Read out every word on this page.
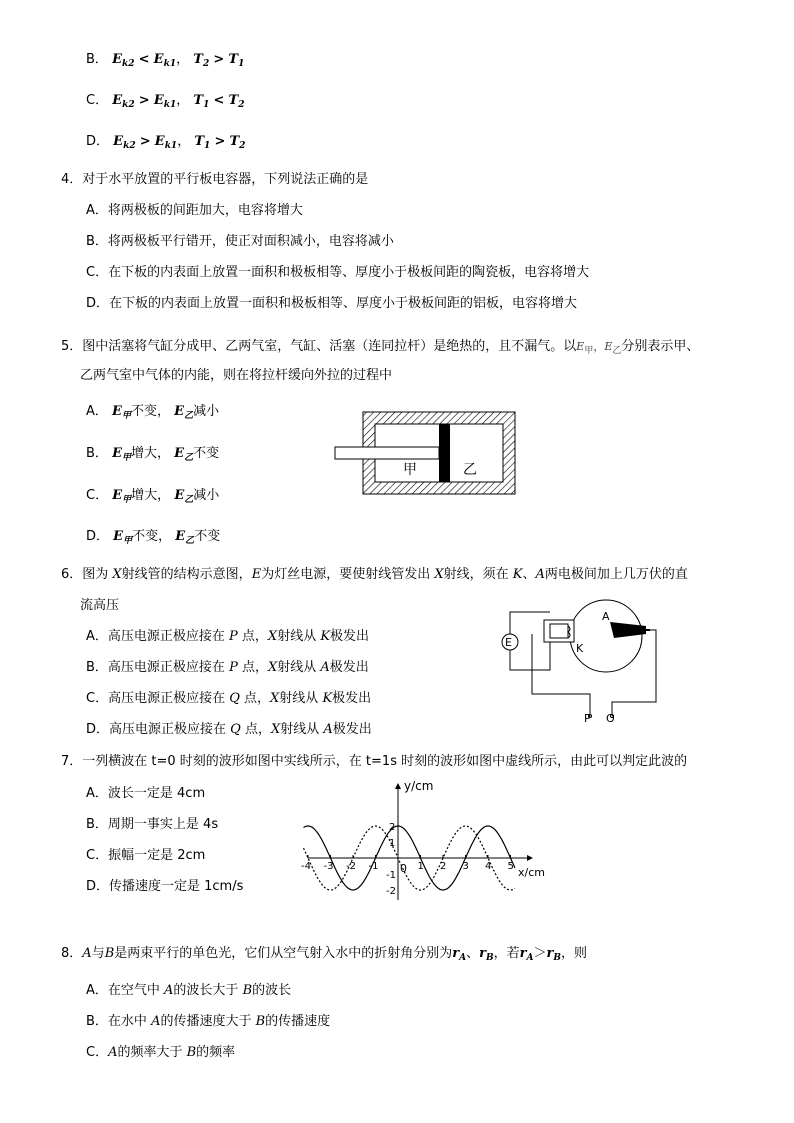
B． $E_{k2} < E_{k1}$， $T_2 > T_1$
C． $E_{k2} > E_{k1}$， $T_1 < T_2$
D． $E_{k2} > E_{k1}$， $T_1 > T_2$
4．对于水平放置的平行板电容器，下列说法正确的是
A．将两极板的间距加大，电容将增大
B．将两极板平行错开，使正对面积减小，电容将减小
C．在下板的内表面上放置一面积和极板相等、厚度小于极板间距的陶瓷板，电容将增大
D．在下板的内表面上放置一面积和极板相等、厚度小于极板间距的铝板，电容将增大
5．图中活塞将气缸分成甲、乙两气室，气缸、活塞（连同拉杆）是绝热的，且不漏气。以$E_甲$，$E_乙$分别表示甲、
乙两气室中气体的内能，则在将拉杆缓向外拉的过程中
A． $E_甲$不变， $E_乙$减小
B． $E_甲$增大， $E_乙$不变
C． $E_甲$增大， $E_乙$减小
D． $E_甲$不变， $E_乙$不变
甲	乙
6．图为 X射线管的结构示意图，E为灯丝电源，要使射线管发出 X射线，须在 K、A两电极间加上几万伏的直
流高压
A．高压电源正极应接在 P 点，X射线从 K极发出
B．高压电源正极应接在 P 点，X射线从 A极发出
C．高压电源正极应接在 Q 点，X射线从 K极发出
D．高压电源正极应接在 Q 点，X射线从 A极发出
E
A
K
P Q
7．一列横波在 t=0 时刻的波形如图中实线所示，在 t=1s 时刻的波形如图中虚线所示，由此可以判定此波的
A．波长一定是 4cm
B．周期一事实上是 4s
C．振幅一定是 2cm
D．传播速度一定是 1cm/s
y/cm
x/cm
0
-4 -3 -2 -1	1 2 3 4 5
2
1
-1
-2
8．A与B是两束平行的单色光，它们从空气射入水中的折射角分别为$r_A$、$r_B$，若$r_A>r_B$，则
A．在空气中 A的波长大于 B的波长
B．在水中 A的传播速度大于 B的传播速度
C．A的频率大于 B的频率
